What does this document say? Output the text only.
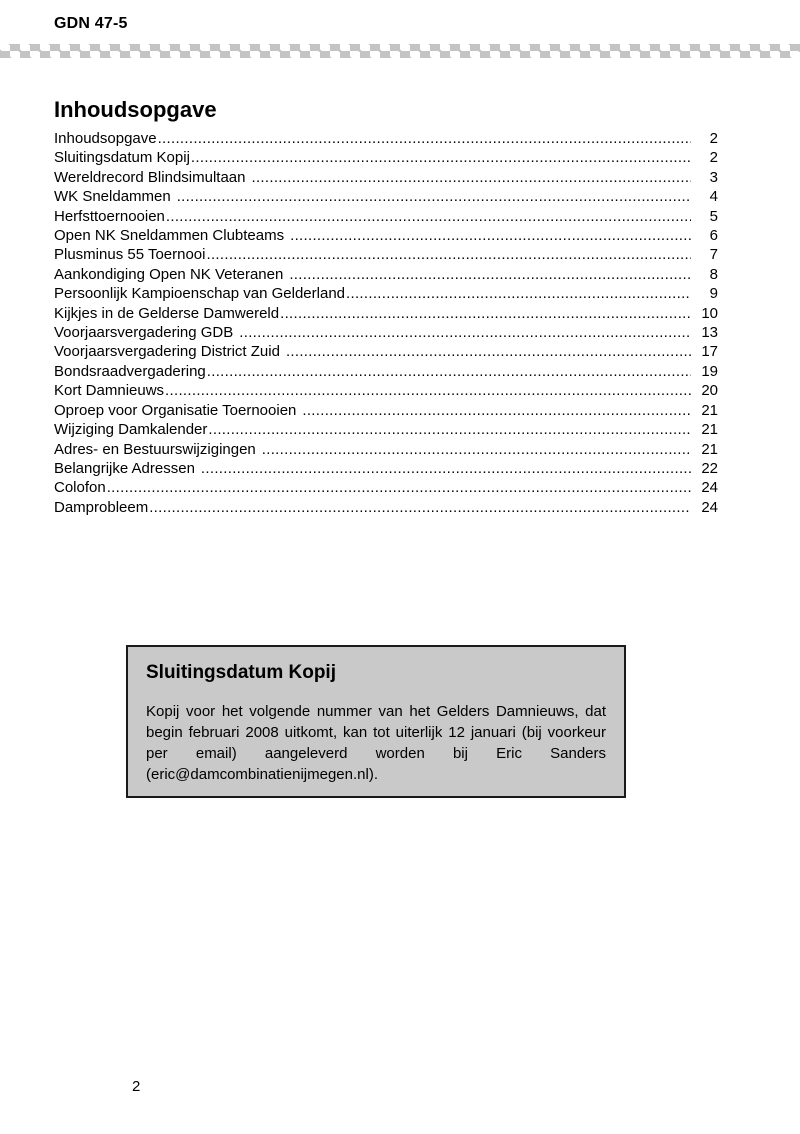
GDN 47-5
Inhoudsopgave
Inhoudsopgave .....	2
Sluitingsdatum Kopij .....	2
Wereldrecord Blindsimultaan .....	3
WK Sneldammen .....	4
Herfsttoernooien .....	5
Open NK Sneldammen Clubteams .....	6
Plusminus 55 Toernooi .....	7
Aankondiging Open NK Veteranen .....	8
Persoonlijk Kampioenschap van Gelderland .....	9
Kijkjes in de Gelderse Damwereld .....	10
Voorjaarsvergadering GDB .....	13
Voorjaarsvergadering District Zuid .....	17
Bondsraadvergadering .....	19
Kort Damnieuws .....	20
Oproep voor Organisatie Toernooien .....	21
Wijziging Damkalender .....	21
Adres- en Bestuurswijzigingen .....	21
Belangrijke Adressen .....	22
Colofon .....	24
Damprobleem .....	24
Sluitingsdatum Kopij

Kopij voor het volgende nummer van het Gelders Damnieuws, dat begin februari 2008 uitkomt, kan tot uiterlijk 12 januari (bij voorkeur per email) aangeleverd worden bij Eric Sanders (eric@damcombinatienijmegen.nl).

2
